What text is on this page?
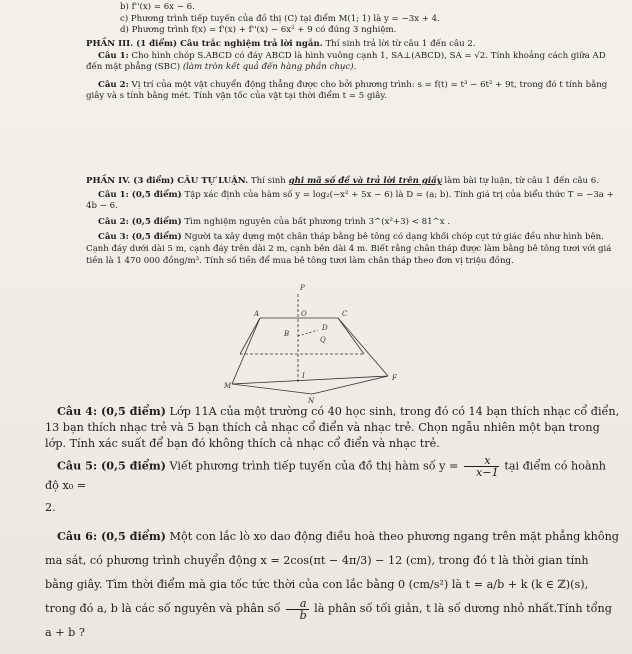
b) f''(x) = 6x − 6.

c) Phương trình tiếp tuyến của đồ thị (C) tại điểm M(1; 1) là y = −3x + 4.

d) Phương trình f(x) = f'(x) + f''(x) − 6x² + 9 có đúng 3 nghiệm.

PHẦN III. (1 điểm) Câu trắc nghiệm trả lời ngắn. Thí sinh trả lời từ câu 1 đến câu 2.

Câu 1: Cho hình chóp S.ABCD có đáy ABCD là hình vuông cạnh 1, SA⊥(ABCD), SA = √2. Tính khoảng cách giữa AD đến mặt phẳng (SBC) (làm tròn kết quả đến hàng phần chục).

Câu 2: Vị trí của một vật chuyển động thẳng được cho bởi phương trình: s = f(t) = t³ − 6t² + 9t, trong đó t tính bằng giây và s tính bằng mét. Tính vận tốc của vật tại thời điểm t = 5 giây.

PHẦN IV. (3 điểm) CÂU TỰ LUẬN. Thí sinh ghi mã số đề và trả lời trên giấy làm bài tự luận, từ câu 1 đến câu 6.

Câu 1: (0,5 điểm) Tập xác định của hàm số y = log₂(−x² + 5x − 6) là D = (a; b). Tính giá trị của biểu thức T = −3a + 4b − 6.

Câu 2: (0,5 điểm) Tìm nghiệm nguyên của bất phương trình 3^(x²+3) < 81^x .

Câu 3: (0,5 điểm) Người ta xây dựng một chân tháp bằng bê tông có dạng khối chóp cụt tứ giác đều như hình bên. Cạnh đáy dưới dài 5 m, cạnh đáy trên dài 2 m, cạnh bên dài 4 m. Biết rằng chân tháp được làm bằng bê tông tươi với giá tiền là 1 470 000 đồng/m³. Tính số tiền để mua bê tông tươi làm chân tháp theo đơn vị triệu đồng.

P
A	O	C
B
D
Q
M
F
N
I

Câu 4: (0,5 điểm) Lớp 11A của một trường có 40 học sinh, trong đó có 14 bạn thích nhạc cổ điển, 13 bạn thích nhạc trẻ và 5 bạn thích cả nhạc cổ điển và nhạc trẻ. Chọn ngẫu nhiên một bạn trong lớp. Tính xác suất để bạn đó không thích cả nhạc cổ điển và nhạc trẻ.

Câu 5: (0,5 điểm) Viết phương trình tiếp tuyến của đồ thị hàm số $y = \frac{x}{x-1}$ tại điểm có hoành độ x₀ =

2.

Câu 6: (0,5 điểm) Một con lắc lò xo dao động điều hoà theo phương ngang trên mặt phẳng không ma sát, có phương trình chuyển động x = 2cos(πt − 4π/3) − 12 (cm), trong đó t là thời gian tính bằng giây. Tìm thời điểm mà gia tốc tức thời của con lắc bằng 0 (cm/s²) là t = a/b + k (k ∈ ℤ)(s), trong đó a, b là các số nguyên và phân số $\frac{a}{b}$ là phân số tối giản, t là số dương nhỏ nhất.Tính tổng a + b ?
